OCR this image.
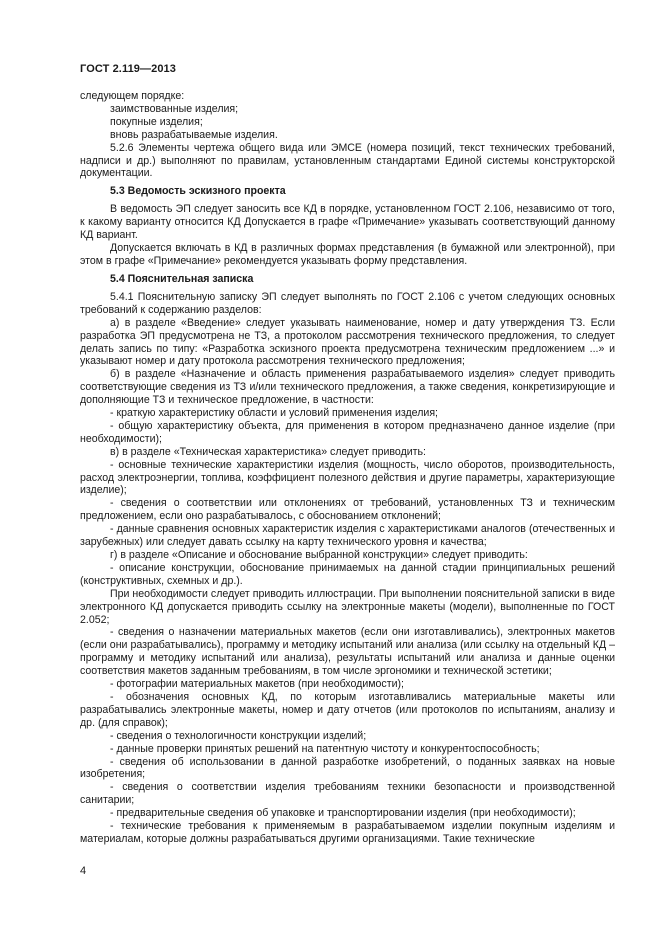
ГОСТ 2.119—2013

следующем порядке:

заимствованные изделия;

покупные изделия;

вновь разрабатываемые изделия.

5.2.6 Элементы чертежа общего вида или ЭМСЕ (номера позиций, текст технических требований, надписи и др.) выполняют по правилам, установленным стандартами Единой системы конструкторской документации.

5.3 Ведомость эскизного проекта

В ведомость ЭП следует заносить все КД в порядке, установленном ГОСТ 2.106, независимо от того, к какому варианту относится КД Допускается в графе «Примечание» указывать соответствующий данному КД вариант.

Допускается включать в КД в различных формах представления (в бумажной или электронной), при этом в графе «Примечание» рекомендуется указывать форму представления.

5.4 Пояснительная записка

5.4.1 Пояснительную записку ЭП следует выполнять по ГОСТ 2.106 с учетом следующих основных требований к содержанию разделов:

а) в разделе «Введение» следует указывать наименование, номер и дату утверждения ТЗ. Если разработка ЭП предусмотрена не ТЗ, а протоколом рассмотрения технического предложения, то следует делать запись по типу: «Разработка эскизного проекта предусмотрена техническим предложением ...» и указывают номер и дату протокола рассмотрения технического предложения;

б) в разделе «Назначение и область применения разрабатываемого изделия» следует приводить соответствующие сведения из ТЗ и/или технического предложения, а также сведения, конкретизирующие и дополняющие ТЗ и техническое предложение, в частности:

- краткую характеристику области и условий применения изделия;

- общую характеристику объекта, для применения в котором предназначено данное изделие (при необходимости);

в) в разделе «Техническая характеристика» следует приводить:

- основные технические характеристики изделия (мощность, число оборотов, производительность, расход электроэнергии, топлива, коэффициент полезного действия и другие параметры, характеризующие изделие);

- сведения о соответствии или отклонениях от требований, установленных ТЗ и техническим предложением, если оно разрабатывалось, с обоснованием отклонений;

- данные сравнения основных характеристик изделия с характеристиками аналогов (отечественных и зарубежных) или следует давать ссылку на карту технического уровня и качества;

г) в разделе «Описание и обоснование выбранной конструкции» следует приводить:

- описание конструкции, обоснование принимаемых на данной стадии принципиальных решений (конструктивных, схемных и др.).

При необходимости следует приводить иллюстрации. При выполнении пояснительной записки в виде электронного КД допускается приводить ссылку на электронные макеты (модели), выполненные по ГОСТ 2.052;

- сведения о назначении материальных макетов (если они изготавливались), электронных макетов (если они разрабатывались), программу и методику испытаний или анализа (или ссылку на отдельный КД – программу и методику испытаний или анализа), результаты испытаний или анализа и данные оценки соответствия макетов заданным требованиям, в том числе эргономики и технической эстетики;

- фотографии материальных макетов (при необходимости);

- обозначения основных КД, по которым изготавливались материальные макеты или разрабатывались электронные макеты, номер и дату отчетов (или протоколов по испытаниям, анализу и др. (для справок);

- сведения о технологичности конструкции изделий;

- данные проверки принятых решений на патентную чистоту и конкурентоспособность;

- сведения об использовании в данной разработке изобретений, о поданных заявках на новые изобретения;

- сведения о соответствии изделия требованиям техники безопасности и производственной санитарии;

- предварительные сведения об упаковке и транспортировании изделия (при необходимости);

- технические требования к применяемым в разрабатываемом изделии покупным изделиям и материалам, которые должны разрабатываться другими организациями. Такие технические

4
